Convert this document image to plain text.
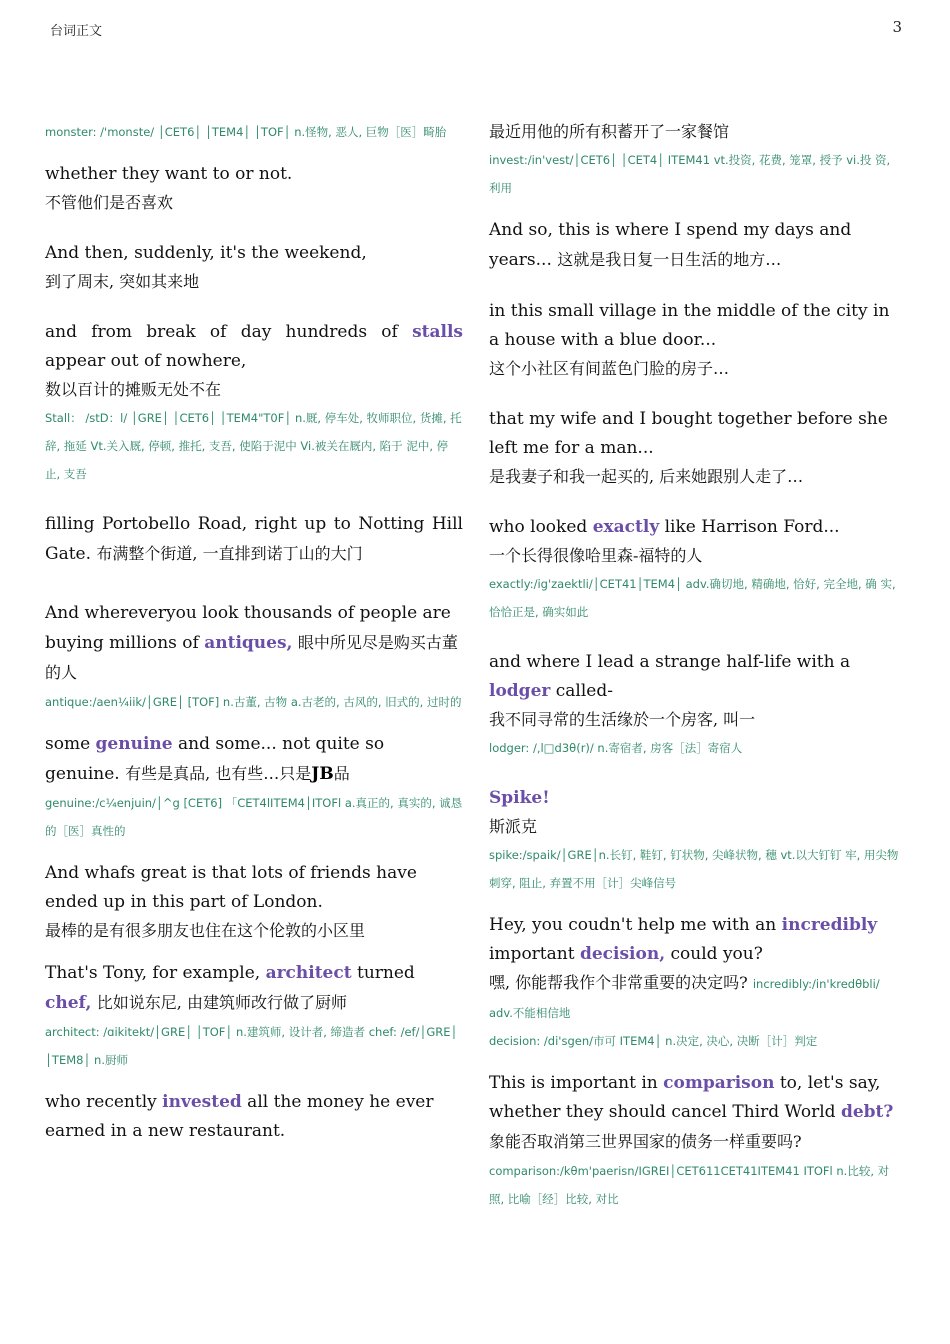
台词正文	3

monster: /'monste/ │CET6│ │TEM4│ │TOF│ n.怪物, 恶人, 巨物［医］畸胎

whether they want to or not.

不管他们是否喜欢

And then, suddenly, it's the weekend,

到了周末, 突如其来地

and from break of day hundreds of stalls appear out of nowhere,

数以百计的摊贩无处不在

Stall： /stD：l/ │GRE│ │CET6│ │TEM4"T0F│ n.厩, 停车处, 牧师职位, 货摊, 托 辞, 拖延 Vt.关入厩, 停顿, 推托, 支吾, 使陷于泥中 Vi.被关在厩内, 陷于 泥中, 停止, 支吾

filling Portobello Road, right up to Notting Hill Gate. 布满整个街道, 一直排到诺丁山的大门

And whereveryou look thousands of people are buying millions of antiques, 眼中所见尽是购买古董的人

antique:/aen¼iik/│GRE│ [TOF] n.古董, 古物 a.古老的, 古风的, 旧式的, 过时的

some genuine and some... not quite so genuine. 有些是真品, 也有些…只是JB品

genuine:/c¼enjuin/│^g [CET6] 「CET4lITEM4│ITOFl a.真正的, 真实的, 诚恳的［医］真性的

And whafs great is that lots of friends have ended up in this part of London.

最棒的是有很多朋友也住在这个伦敦的小区里

That's Tony, for example, architect turned chef, 比如说东尼, 由建筑师改行做了厨师

architect: /ɑikitekt/│GRE│ │TOF│ n.建筑师, 设计者, 缔造者 chef: /ef/│GRE│ │TEM8│ n.厨师

who recently invested all the money he ever earned in a new restaurant.

最近用他的所有积蓄开了一家餐馆

invest:/in'vest/│CET6│ │CET4│ ITEM41 vt.投资, 花费, 笼罩, 授予 vi.投 资, 利用

And so, this is where I spend my days and years... 这就是我日复一日生活的地方…

in this small village in the middle of the city in a house with a blue door...

这个小社区有间蓝色门脸的房子…

that my wife and I bought together before she left me for a man...

是我妻子和我一起买的, 后来她跟别人走了…

who looked exactly like Harrison Ford...

一个长得很像哈里森-福特的人

exactly:/ig'zaektli/│CET41│TEM4│ adv.确切地, 精确地, 恰好, 完全地, 确 实, 恰恰正是, 确实如此

and where I lead a strange half-life with a lodger called-

我不同寻常的生活缘於一个房客, 叫一

lodger: /,l□d3θ(r)/ n.寄宿者, 房客［法］寄宿人

Spike!

斯派克

spike:/spaik/│GRE│n.长钉, 鞋钉, 钉状物, 尖峰状物, 穗 vt.以大钉钉 牢, 用尖物刺穿, 阻止, 弃置不用［计］尖峰信号

Hey, you coudn't help me with an incredibly important decision, could you?

嘿, 你能帮我作个非常重要的决定吗? incredibly:/in'kredθbli/ adv.不能相信地

decision: /di'sgen/市可 ITEM4│ n.决定, 决心, 决断［计］判定

This is important in comparison to, let's say, whether they should cancel Third World debt? 象能否取消第三世界国家的债务一样重要吗?

comparison:/kθm'paerisn/IGREI│CET611CET41ITEM41 ITOFl n.比较, 对照, 比喻［经］比较, 对比
